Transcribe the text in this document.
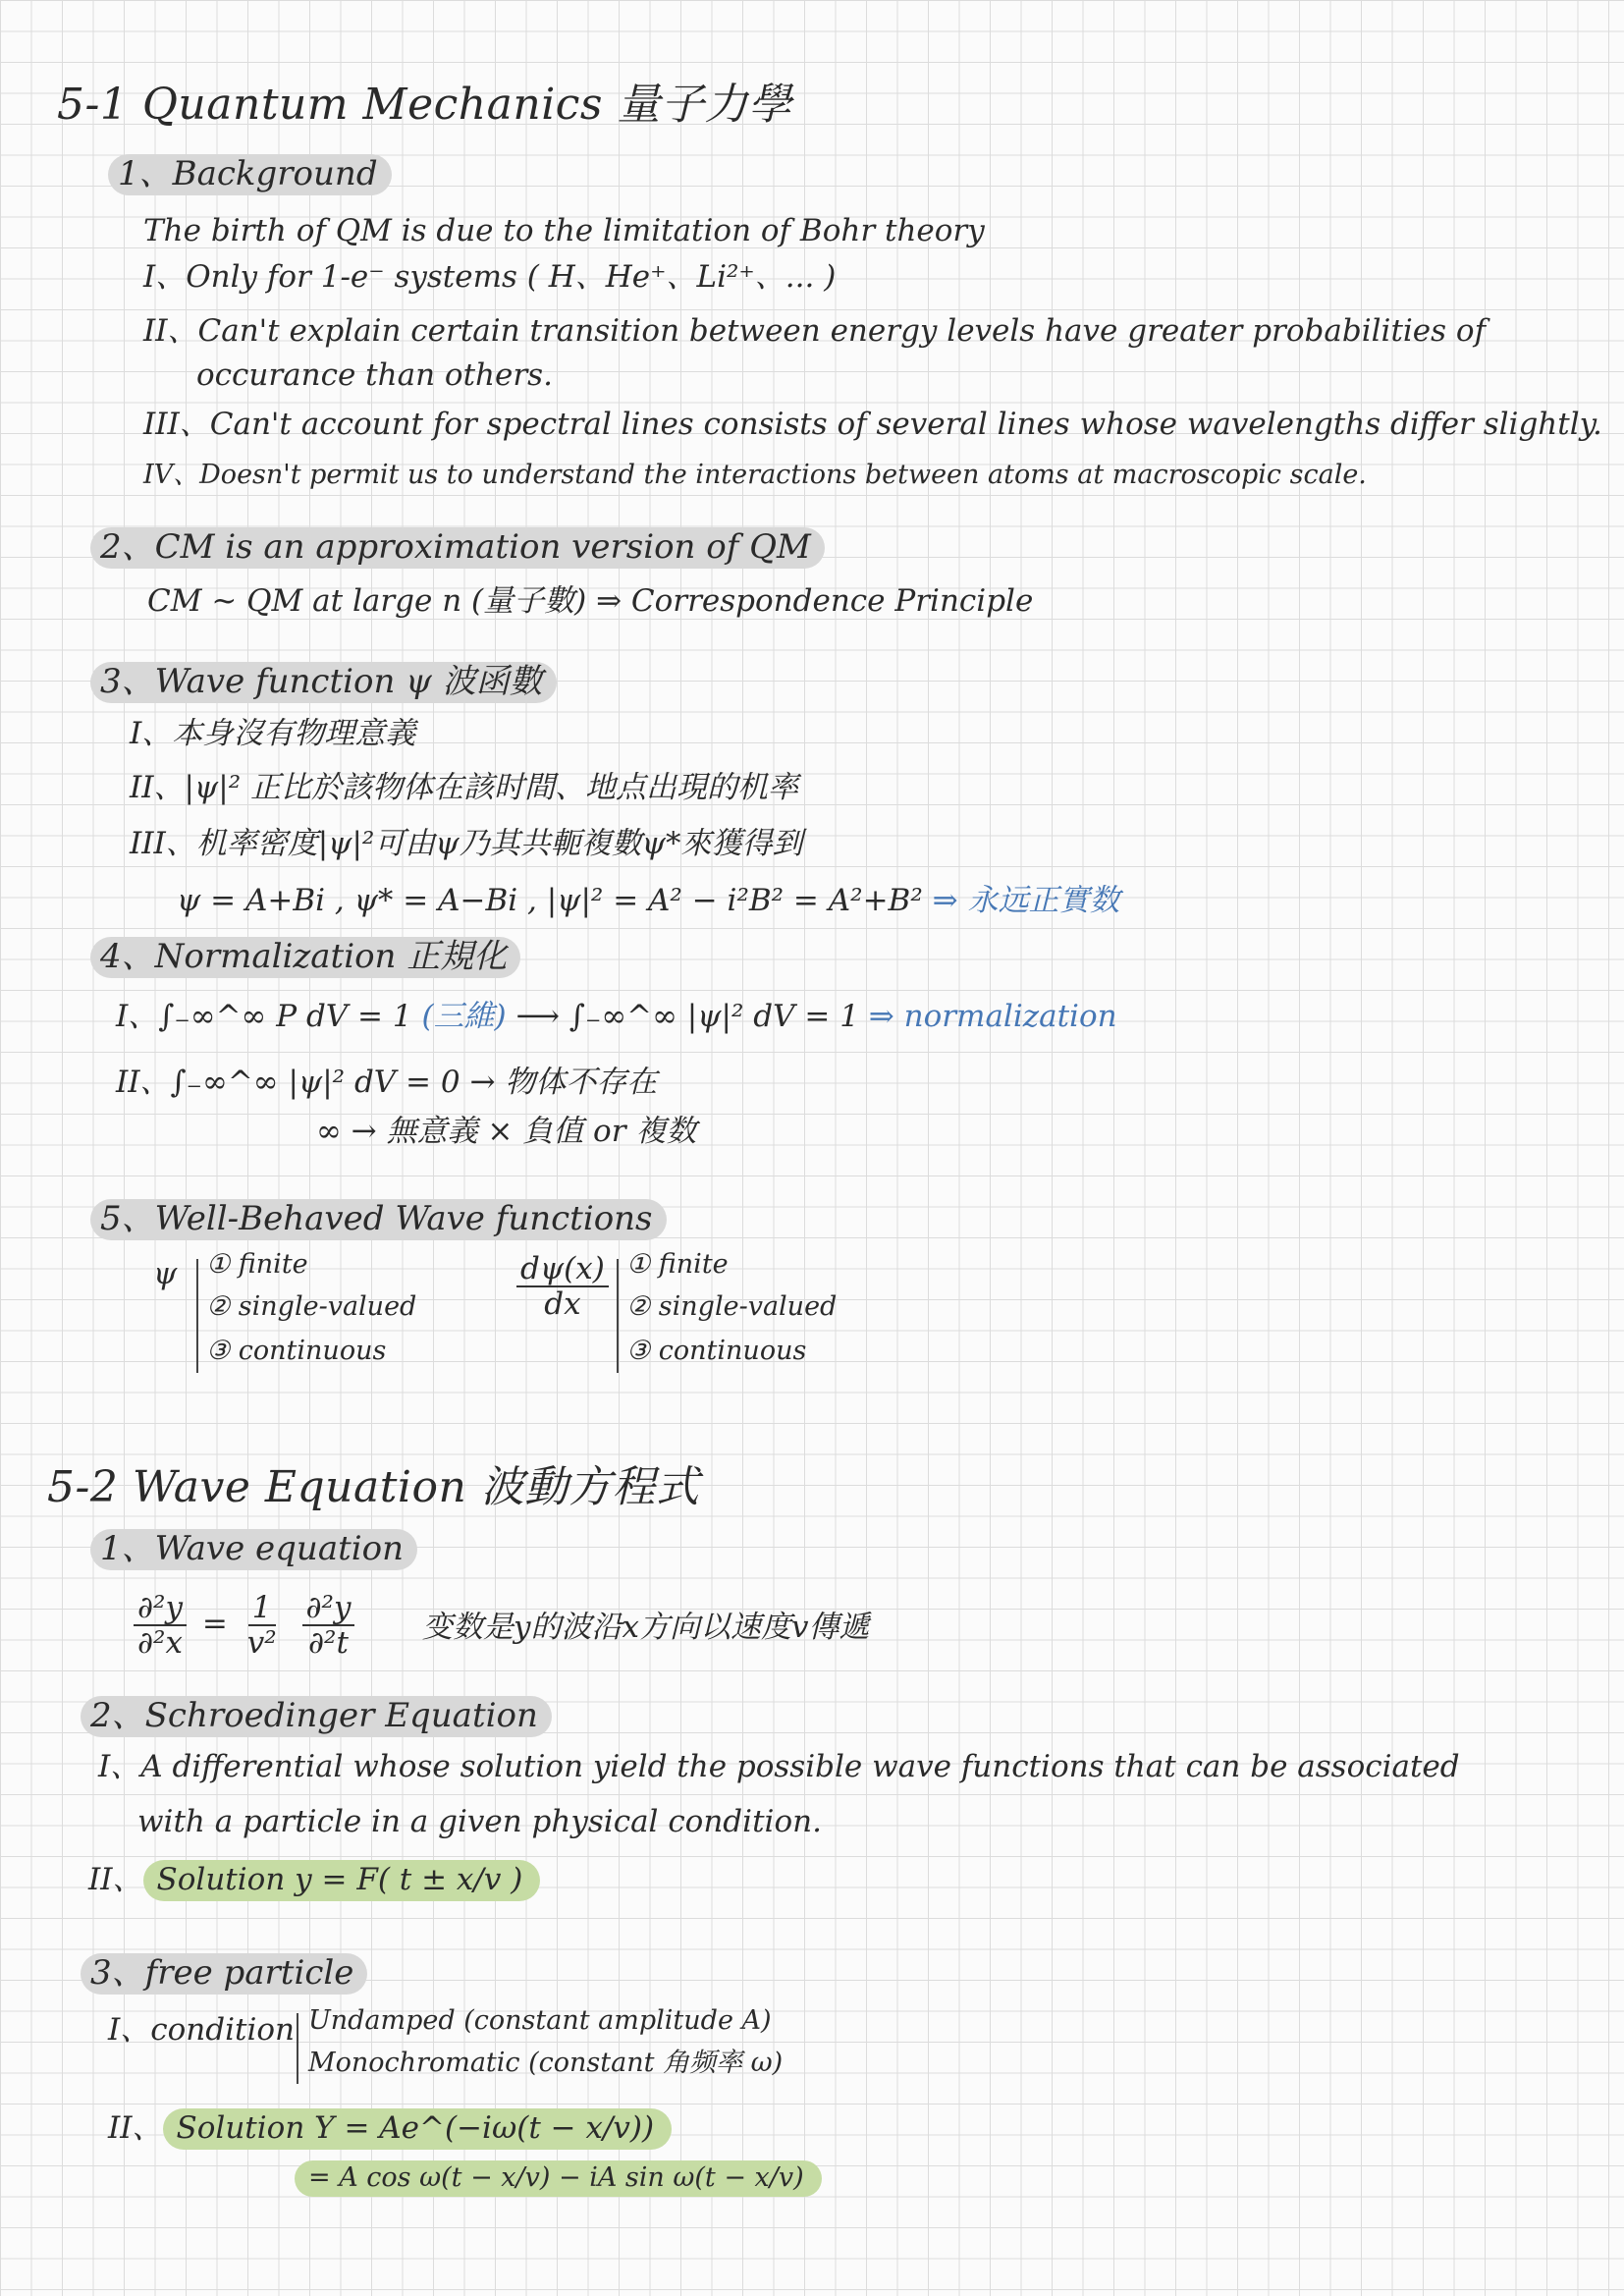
5-1 Quantum Mechanics 量子力學
1、Background
The birth of QM is due to the limitation of Bohr theory
I、Only for 1-e⁻ systems ( H、He⁺、Li²⁺、... )
II、Can't explain certain transition between energy levels have greater probabilities of
occurance than others.
III、Can't account for spectral lines consists of several lines whose wavelengths differ slightly.
IV、Doesn't permit us to understand the interactions between atoms at macroscopic scale.
2、CM is an approximation version of QM
CM ~ QM at large n (量子數) ⇒ Correspondence Principle
3、Wave function ψ 波函數
I、本身沒有物理意義
II、|ψ|² 正比於該物体在該时間、地点出現的机率
III、机率密度|ψ|²可由ψ乃其共軛複數ψ*來獲得到
ψ = A+Bi , ψ* = A−Bi , |ψ|² = A² − i²B² = A²+B² ⇒ 永远正實数
4、Normalization 正規化
I、∫₋∞^∞ P dV = 1 (三維) ⟶ ∫₋∞^∞ |ψ|² dV = 1 ⇒ normalization
II、∫₋∞^∞ |ψ|² dV = 0 → 物体不存在
∞ → 無意義 × 負值 or 複数
5、Well-Behaved Wave functions
ψ ① finite
② single-valued
③ continuous
$\frac{d\psi(x)}{dx}$ ① finite
② single-valued
③ continuous
5-2 Wave Equation 波動方程式
1、Wave equation
$\frac{\text{∂²y}}{\text{∂²x}} = \frac{1}{\text{v²}}$
$\frac{\text{∂²y}}{\text{∂²t}}$ 变数是y的波沿x方向以速度v傳遞
2、Schroedinger Equation
I、A differential whose solution yield the possible wave functions that can be associated
with a particle in a given physical condition.
II、 Solution y = F( t ± x/v )
3、free particle
I、condition Undamped (constant amplitude A)
Monochromatic (constant 角频率 ω)
II、 Solution Y = Ae^(−iω(t − x/v))
= A cos ω(t − x/v) − iA sin ω(t − x/v)
